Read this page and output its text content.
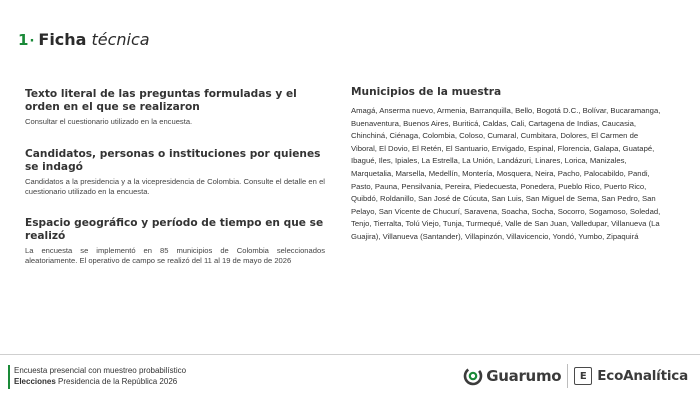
1 · Ficha técnica
Texto literal de las preguntas formuladas y el orden en el que se realizaron

Consultar el cuestionario utilizado en la encuesta.

Candidatos, personas o instituciones por quienes se indagó

Candidatos a la presidencia y a la vicepresidencia de Colombia. Consulte el detalle en el cuestionario utilizado en la encuesta.

Espacio geográfico y período de tiempo en que se realizó

La encuesta se implementó en 85 municipios de Colombia seleccionados aleatoriamente. El operativo de campo se realizó del 11 al 19 de mayo de 2026

Municipios de la muestra

Amagá, Anserma nuevo, Armenia, Barranquilla, Bello, Bogotá D.C., Bolívar, Bucaramanga, Buenaventura, Buenos Aires, Buriticá, Caldas, Cali, Cartagena de Indias, Caucasia, Chinchiná, Ciénaga, Colombia, Coloso, Cumaral, Cumbitara, Dolores, El Carmen de Viboral, El Dovio, El Retén, El Santuario, Envigado, Espinal, Florencia, Galapa, Guatapé, Ibagué, Iles, Ipiales, La Estrella, La Unión, Landázuri, Linares, Lorica, Manizales, Marquetalia, Marsella, Medellín, Montería, Mosquera, Neira, Pacho, Palocabildo, Pandi, Pasto, Pauna, Pensilvania, Pereira, Piedecuesta, Ponedera, Pueblo Rico, Puerto Rico, Quibdó, Roldanillo, San José de Cúcuta, San Luis, San Miguel de Sema, San Pedro, San Pelayo, San Vicente de Chucurí, Saravena, Soacha, Socha, Socorro, Sogamoso, Soledad, Tenjo, Tierralta, Tolú Viejo, Tunja, Turmequé, Valle de San Juan, Valledupar, Villanueva (La Guajira), Villanueva (Santander), Villapinzón, Villavicencio, Yondó, Yumbo, Zipaquirá

Encuesta presencial con muestreo probabilístico
Elecciones Presidencia de la República 2026	Guarumo E EcoAnalítica
